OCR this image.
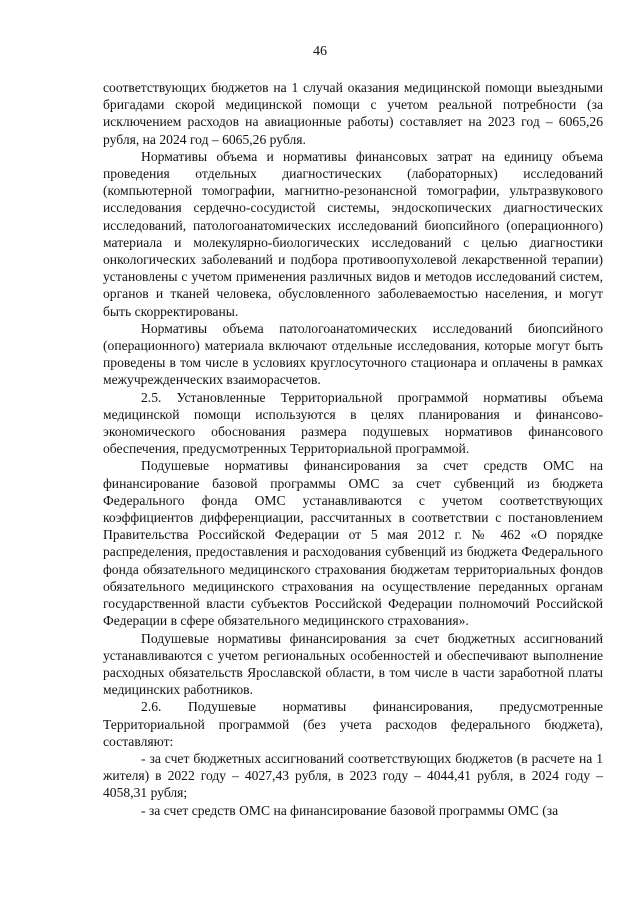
46

соответствующих бюджетов на 1 случай оказания медицинской помощи выездными бригадами скорой медицинской помощи с учетом реальной потребности (за исключением расходов на авиационные работы) составляет на 2023 год – 6065,26 рубля, на 2024 год – 6065,26 рубля.

Нормативы объема и нормативы финансовых затрат на единицу объема проведения отдельных диагностических (лабораторных) исследований (компьютерной томографии, магнитно-резонансной томографии, ультразвукового исследования сердечно-сосудистой системы, эндоскопических диагностических исследований, патологоанатомических исследований биопсийного (операционного) материала и молекулярно-биологических исследований с целью диагностики онкологических заболеваний и подбора противоопухолевой лекарственной терапии) установлены с учетом применения различных видов и методов исследований систем, органов и тканей человека, обусловленного заболеваемостью населения, и могут быть скорректированы.

Нормативы объема патологоанатомических исследований биопсийного (операционного) материала включают отдельные исследования, которые могут быть проведены в том числе в условиях круглосуточного стационара и оплачены в рамках межучрежденческих взаиморасчетов.

2.5. Установленные Территориальной программой нормативы объема медицинской помощи используются в целях планирования и финансово-экономического обоснования размера подушевых нормативов финансового обеспечения, предусмотренных Территориальной программой.

Подушевые нормативы финансирования за счет средств ОМС на финансирование базовой программы ОМС за счет субвенций из бюджета Федерального фонда ОМС устанавливаются с учетом соответствующих коэффициентов дифференциации, рассчитанных в соответствии с постановлением Правительства Российской Федерации от 5 мая 2012 г. № 462 «О порядке распределения, предоставления и расходования субвенций из бюджета Федерального фонда обязательного медицинского страхования бюджетам территориальных фондов обязательного медицинского страхования на осуществление переданных органам государственной власти субъектов Российской Федерации полномочий Российской Федерации в сфере обязательного медицинского страхования».

Подушевые нормативы финансирования за счет бюджетных ассигнований устанавливаются с учетом региональных особенностей и обеспечивают выполнение расходных обязательств Ярославской области, в том числе в части заработной платы медицинских работников.

2.6. Подушевые нормативы финансирования, предусмотренные Территориальной программой (без учета расходов федерального бюджета), составляют:

- за счет бюджетных ассигнований соответствующих бюджетов (в расчете на 1 жителя) в 2022 году – 4027,43 рубля, в 2023 году – 4044,41 рубля, в 2024 году – 4058,31 рубля;

- за счет средств ОМС на финансирование базовой программы ОМС (за
